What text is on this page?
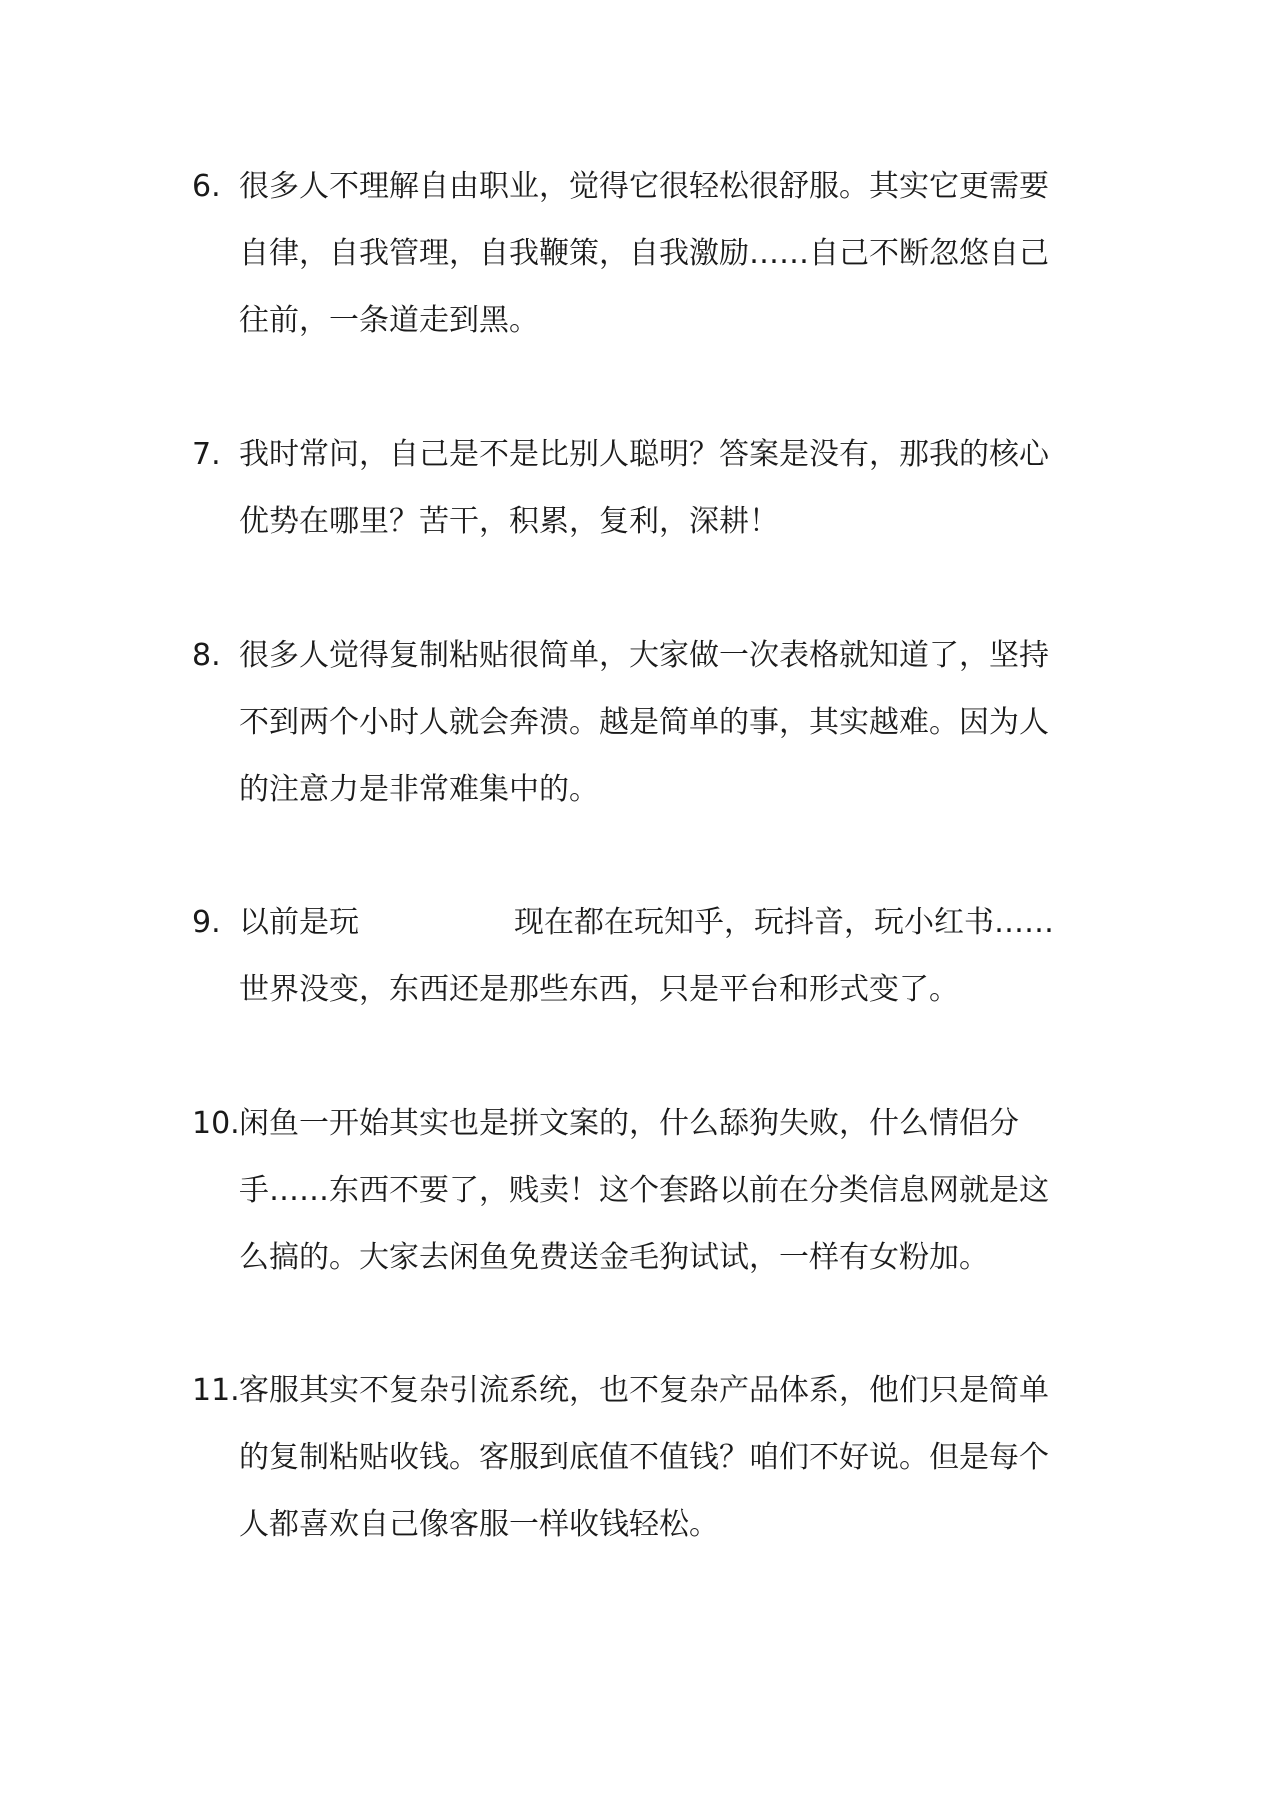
6. 很多人不理解自由职业，觉得它很轻松很舒服。其实它更需要
自律，自我管理，自我鞭策，自我激励……自己不断忽悠自己
往前，一条道走到黑。
7. 我时常问，自己是不是比别人聪明？答案是没有，那我的核心
优势在哪里？苦干，积累，复利，深耕！
8. 很多人觉得复制粘贴很简单，大家做一次表格就知道了，坚持
不到两个小时人就会奔溃。越是简单的事，其实越难。因为人
的注意力是非常难集中的。
9. 以前是玩	现在都在玩知乎，玩抖音，玩小红书……
世界没变，东西还是那些东西，只是平台和形式变了。
10. 闲鱼一开始其实也是拼文案的，什么舔狗失败，什么情侣分
手……东西不要了，贱卖！这个套路以前在分类信息网就是这
么搞的。大家去闲鱼免费送金毛狗试试，一样有女粉加。
11. 客服其实不复杂引流系统，也不复杂产品体系，他们只是简单
的复制粘贴收钱。客服到底值不值钱？咱们不好说。但是每个
人都喜欢自己像客服一样收钱轻松。
